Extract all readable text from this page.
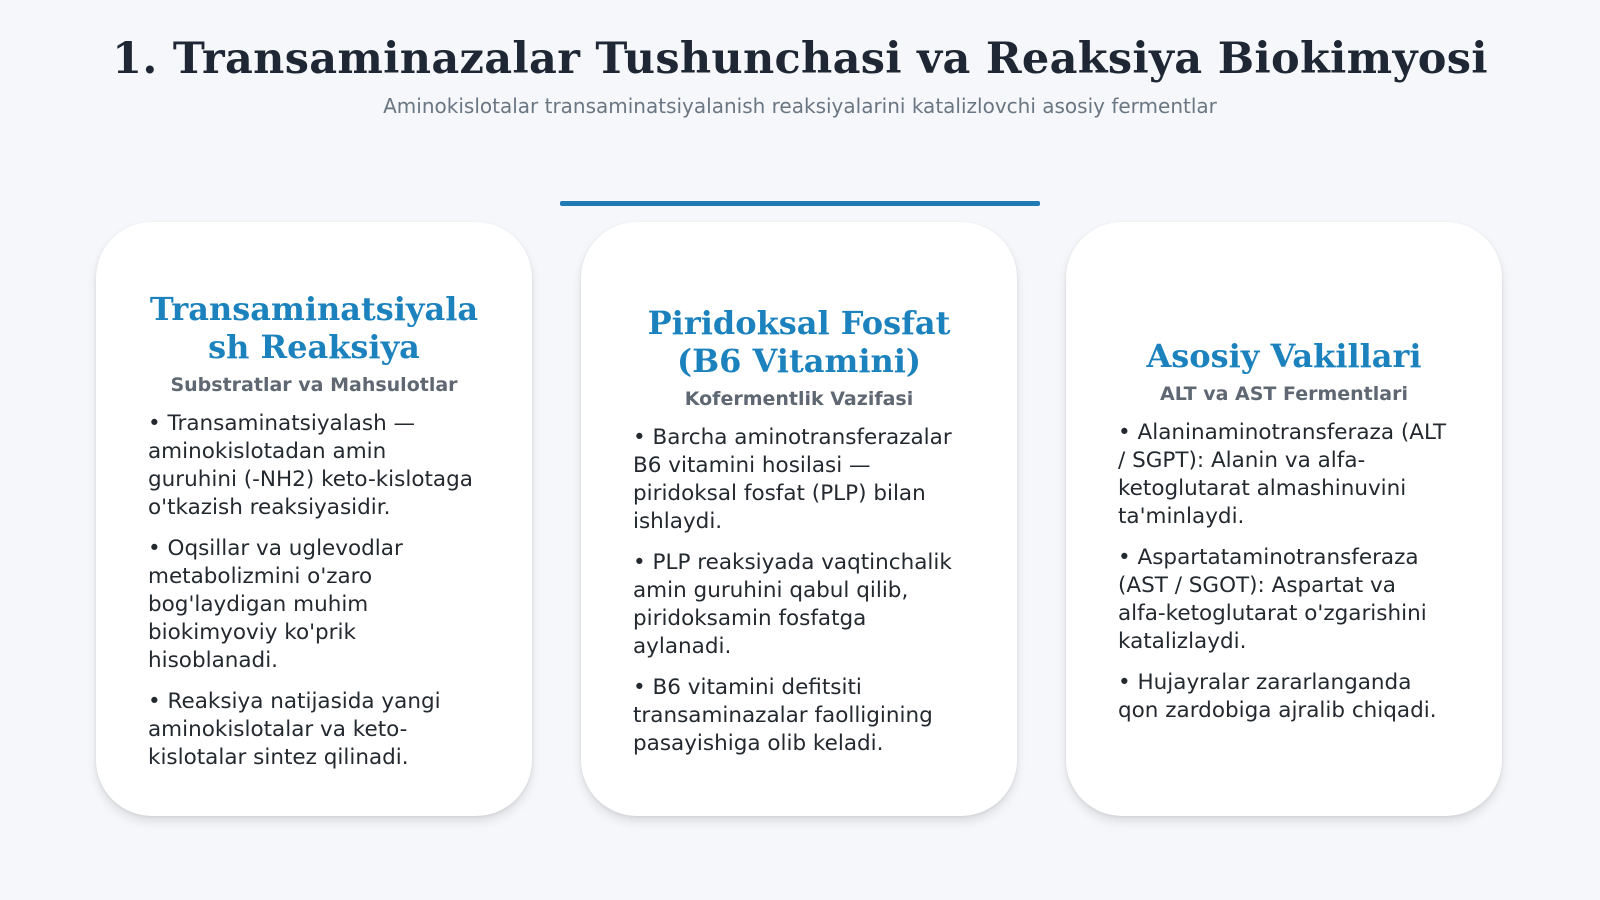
1. Transaminazalar Tushunchasi va Reaksiya Biokimyosi
Aminokislotalar transaminatsiyalanish reaksiyalarini katalizlovchi asosiy fermentlar
Transaminatsiyalash Reaksiya
Substratlar va Mahsulotlar
• Transaminatsiyalash — aminokislotadan amin guruhini (-NH2) keto-kislotaga o'tkazish reaksiyasidir.
• Oqsillar va uglevodlar metabolizmini o'zaro bog'laydigan muhim biokimyoviy ko'prik hisoblanadi.
• Reaksiya natijasida yangi aminokislotalar va keto-kislotalar sintez qilinadi.
Piridoksal Fosfat (B6 Vitamini)
Kofermentlik Vazifasi
• Barcha aminotransferazalar B6 vitamini hosilasi — piridoksal fosfat (PLP) bilan ishlaydi.
• PLP reaksiyada vaqtinchalik amin guruhini qabul qilib, piridoksamin fosfatga aylanadi.
• B6 vitamini defitsiti transaminazalar faolligining pasayishiga olib keladi.
Asosiy Vakillari
ALT va AST Fermentlari
• Alaninaminotransferaza (ALT / SGPT): Alanin va alfa-ketoglutarat almashinuvini ta'minlaydi.
• Aspartataminotransferaza (AST / SGOT): Aspartat va alfa-ketoglutarat o'zgarishini katalizlaydi.
• Hujayralar zararlanganda qon zardobiga ajralib chiqadi.
